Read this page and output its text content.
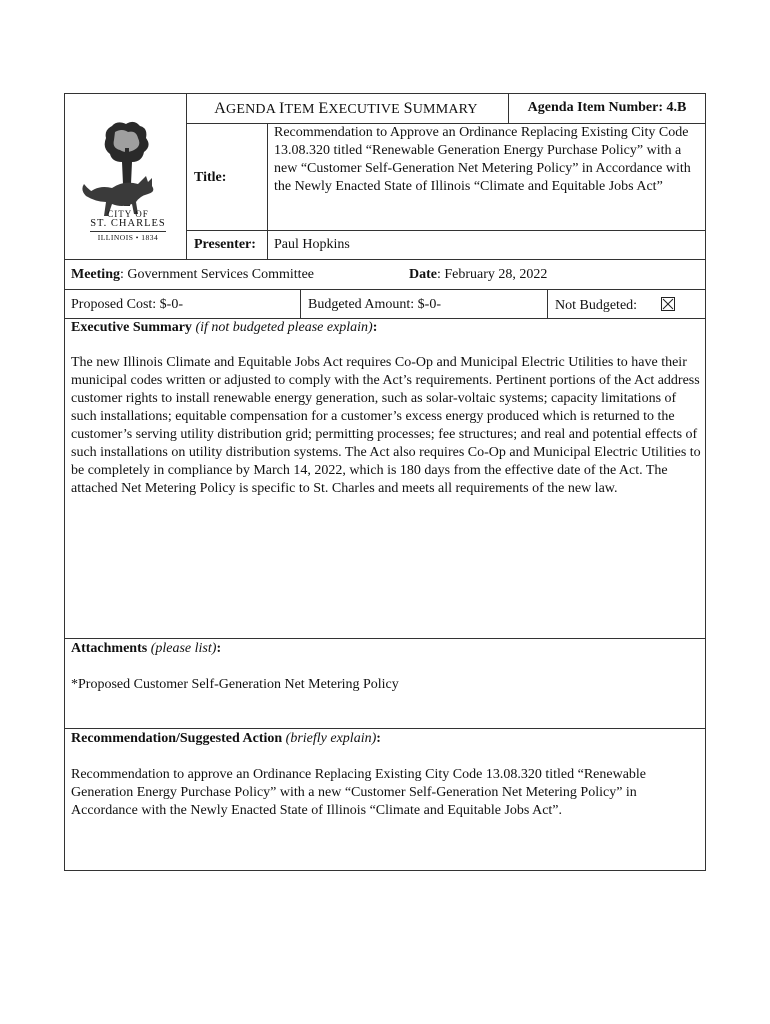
AGENDA ITEM EXECUTIVE SUMMARY	Agenda Item Number: 4.B
CITY OF
ST. CHARLES
ILLINOIS • 1834
Title:
Recommendation to Approve an Ordinance Replacing Existing City Code 13.08.320 titled “Renewable Generation Energy Purchase Policy” with a new “Customer Self-Generation Net Metering Policy” in Accordance with the Newly Enacted State of Illinois “Climate and Equitable Jobs Act”
Presenter: Paul Hopkins
Meeting: Government Services Committee	Date: February 28, 2022
Proposed Cost: $-0-	Budgeted Amount: $-0-	Not Budgeted:
Executive Summary (if not budgeted please explain):
The new Illinois Climate and Equitable Jobs Act requires Co-Op and Municipal Electric Utilities to have their municipal codes written or adjusted to comply with the Act’s requirements. Pertinent portions of the Act address customer rights to install renewable energy generation, such as solar-voltaic systems; capacity limitations of such installations; equitable compensation for a customer’s excess energy produced which is returned to the customer’s serving utility distribution grid; permitting processes; fee structures; and real and potential effects of such installations on utility distribution systems. The Act also requires Co-Op and Municipal Electric Utilities to be completely in compliance by March 14, 2022, which is 180 days from the effective date of the Act. The attached Net Metering Policy is specific to St. Charles and meets all requirements of the new law.
Attachments (please list):
*Proposed Customer Self-Generation Net Metering Policy
Recommendation/Suggested Action (briefly explain):
Recommendation to approve an Ordinance Replacing Existing City Code 13.08.320 titled “Renewable Generation Energy Purchase Policy” with a new “Customer Self-Generation Net Metering Policy” in Accordance with the Newly Enacted State of Illinois “Climate and Equitable Jobs Act”.
